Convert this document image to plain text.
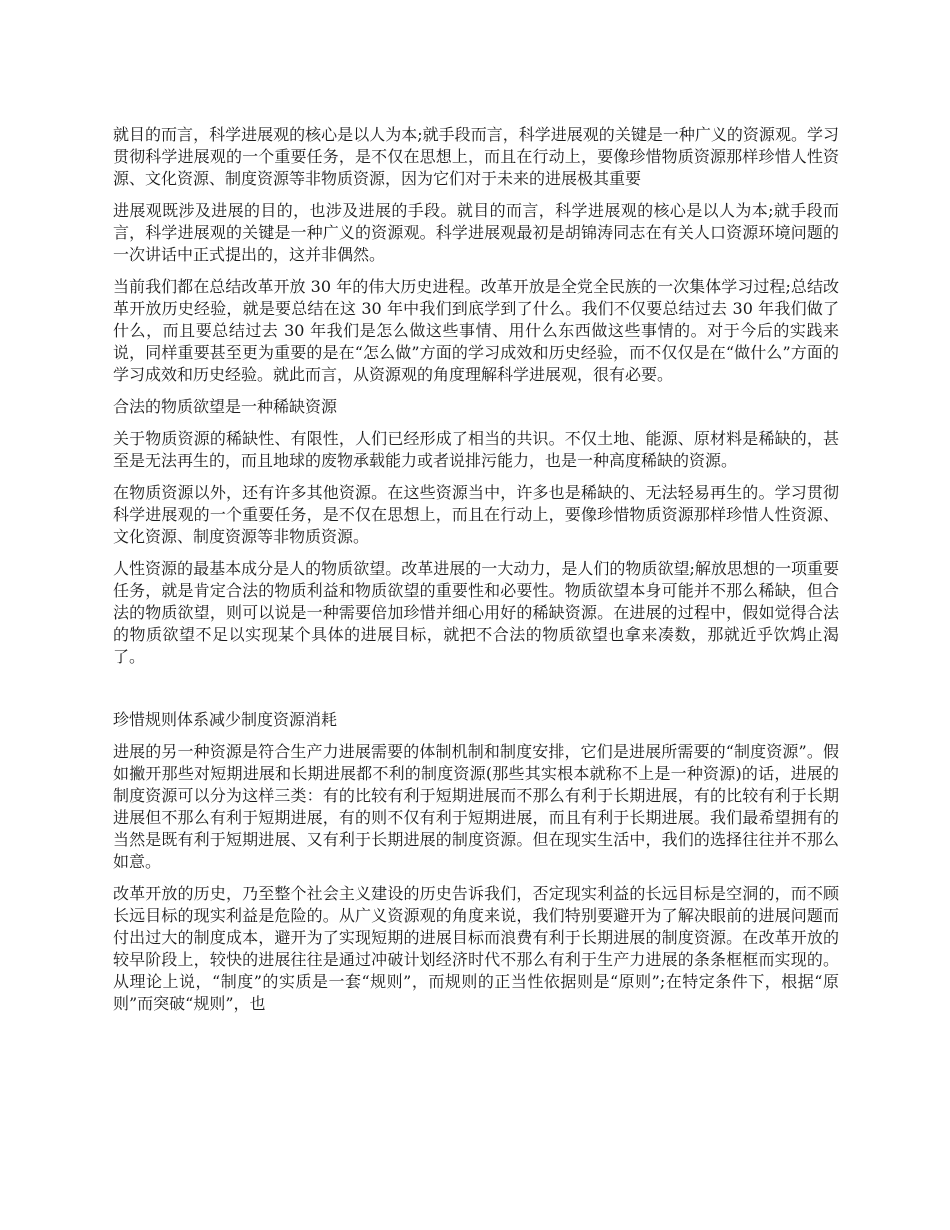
就目的而言，科学进展观的核心是以人为本;就手段而言，科学进展观的关键是一种广义的资源观。学习贯彻科学进展观的一个重要任务，是不仅在思想上，而且在行动上，要像珍惜物质资源那样珍惜人性资源、文化资源、制度资源等非物质资源，因为它们对于未来的进展极其重要

进展观既涉及进展的目的，也涉及进展的手段。就目的而言，科学进展观的核心是以人为本;就手段而言，科学进展观的关键是一种广义的资源观。科学进展观最初是胡锦涛同志在有关人口资源环境问题的一次讲话中正式提出的，这并非偶然。

当前我们都在总结改革开放 30 年的伟大历史进程。改革开放是全党全民族的一次集体学习过程;总结改革开放历史经验，就是要总结在这 30 年中我们到底学到了什么。我们不仅要总结过去 30 年我们做了什么，而且要总结过去 30 年我们是怎么做这些事情、用什么东西做这些事情的。对于今后的实践来说，同样重要甚至更为重要的是在“怎么做”方面的学习成效和历史经验，而不仅仅是在“做什么”方面的学习成效和历史经验。就此而言，从资源观的角度理解科学进展观，很有必要。

合法的物质欲望是一种稀缺资源

关于物质资源的稀缺性、有限性，人们已经形成了相当的共识。不仅土地、能源、原材料是稀缺的，甚至是无法再生的，而且地球的废物承载能力或者说排污能力，也是一种高度稀缺的资源。

在物质资源以外，还有许多其他资源。在这些资源当中，许多也是稀缺的、无法轻易再生的。学习贯彻科学进展观的一个重要任务，是不仅在思想上，而且在行动上，要像珍惜物质资源那样珍惜人性资源、文化资源、制度资源等非物质资源。

人性资源的最基本成分是人的物质欲望。改革进展的一大动力，是人们的物质欲望;解放思想的一项重要任务，就是肯定合法的物质利益和物质欲望的重要性和必要性。物质欲望本身可能并不那么稀缺，但合法的物质欲望，则可以说是一种需要倍加珍惜并细心用好的稀缺资源。在进展的过程中，假如觉得合法的物质欲望不足以实现某个具体的进展目标，就把不合法的物质欲望也拿来凑数，那就近乎饮鸩止渴了。

珍惜规则体系减少制度资源消耗

进展的另一种资源是符合生产力进展需要的体制机制和制度安排，它们是进展所需要的“制度资源”。假如撇开那些对短期进展和长期进展都不利的制度资源(那些其实根本就称不上是一种资源)的话，进展的制度资源可以分为这样三类：有的比较有利于短期进展而不那么有利于长期进展，有的比较有利于长期进展但不那么有利于短期进展，有的则不仅有利于短期进展，而且有利于长期进展。我们最希望拥有的当然是既有利于短期进展、又有利于长期进展的制度资源。但在现实生活中，我们的选择往往并不那么如意。

改革开放的历史，乃至整个社会主义建设的历史告诉我们，否定现实利益的长远目标是空洞的，而不顾长远目标的现实利益是危险的。从广义资源观的角度来说，我们特别要避开为了解决眼前的进展问题而付出过大的制度成本，避开为了实现短期的进展目标而浪费有利于长期进展的制度资源。在改革开放的较早阶段上，较快的进展往往是通过冲破计划经济时代不那么有利于生产力进展的条条框框而实现的。从理论上说，“制度”的实质是一套“规则”，而规则的正当性依据则是“原则”;在特定条件下，根据“原则”而突破“规则”，也
